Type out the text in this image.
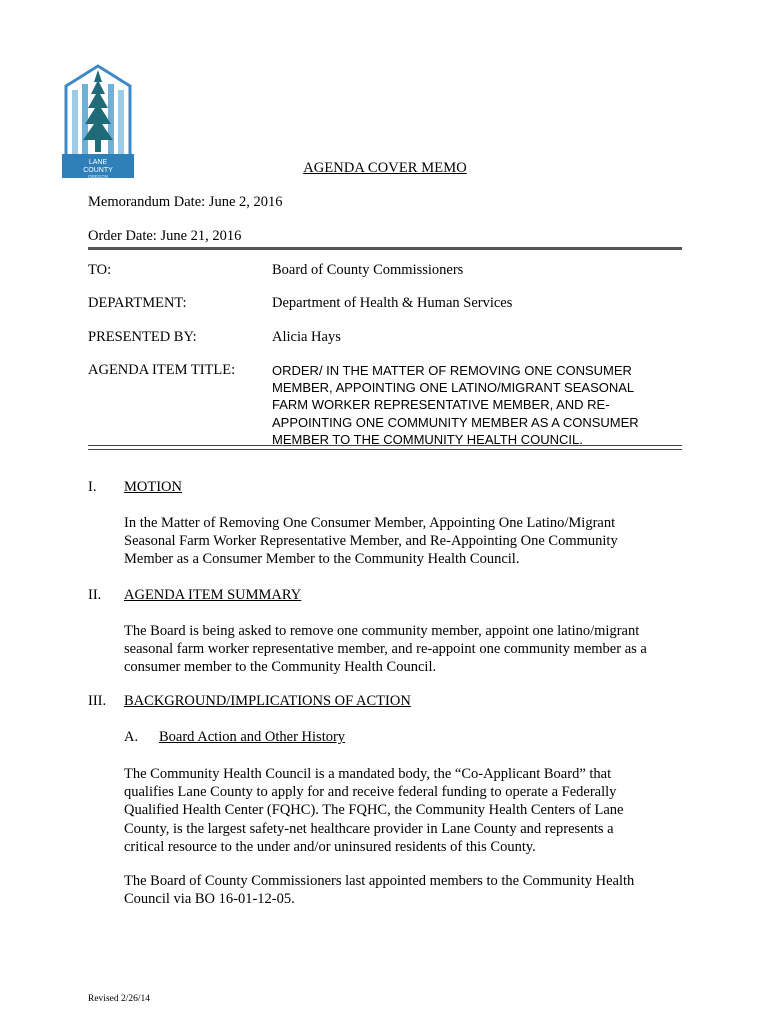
LANE
COUNTY
OREGON
AGENDA COVER MEMO
Memorandum Date: June 2, 2016
Order Date: June 21, 2016
TO:	Board of County Commissioners
DEPARTMENT:	Department of Health & Human Services
PRESENTED BY:	Alicia Hays
AGENDA ITEM TITLE:	ORDER/ IN THE MATTER OF REMOVING ONE CONSUMER
MEMBER, APPOINTING ONE LATINO/MIGRANT SEASONAL
FARM WORKER REPRESENTATIVE MEMBER, AND RE-
APPOINTING ONE COMMUNITY MEMBER AS A CONSUMER
MEMBER TO THE COMMUNITY HEALTH COUNCIL.
I. MOTION
In the Matter of Removing One Consumer Member, Appointing One Latino/Migrant
Seasonal Farm Worker Representative Member, and Re-Appointing One Community
Member as a Consumer Member to the Community Health Council.
II. AGENDA ITEM SUMMARY
The Board is being asked to remove one community member, appoint one latino/migrant
seasonal farm worker representative member, and re-appoint one community member as a
consumer member to the Community Health Council.
III. BACKGROUND/IMPLICATIONS OF ACTION
A. Board Action and Other History
The Community Health Council is a mandated body, the “Co-Applicant Board” that
qualifies Lane County to apply for and receive federal funding to operate a Federally
Qualified Health Center (FQHC). The FQHC, the Community Health Centers of Lane
County, is the largest safety-net healthcare provider in Lane County and represents a
critical resource to the under and/or uninsured residents of this County.
The Board of County Commissioners last appointed members to the Community Health
Council via BO 16-01-12-05.
Revised 2/26/14
